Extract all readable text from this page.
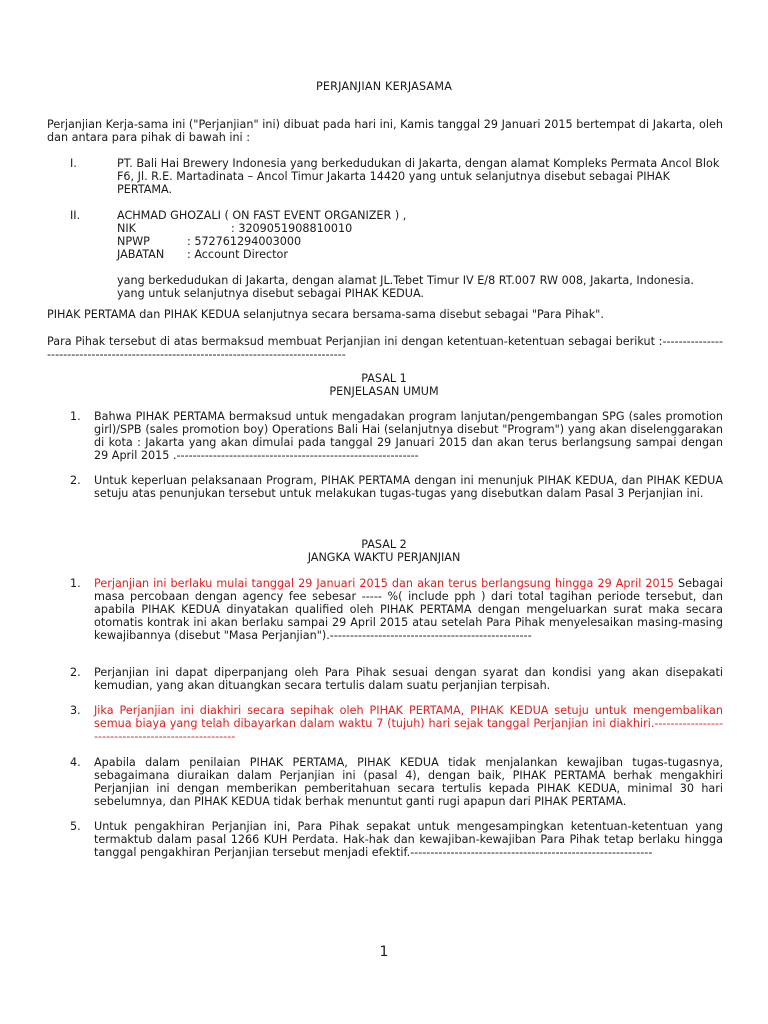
PERJANJIAN KERJASAMA
Perjanjian Kerja-sama ini ("Perjanjian" ini) dibuat pada hari ini, Kamis tanggal 29 Januari 2015 bertempat di Jakarta, oleh dan antara para pihak di bawah ini :
I.	PT. Bali Hai Brewery Indonesia yang berkedudukan di Jakarta, dengan alamat Kompleks Permata Ancol Blok F6, Jl. R.E. Martadinata – Ancol Timur Jakarta 14420 yang untuk selanjutnya disebut sebagai PIHAK PERTAMA.
II.	ACHMAD GHOZALI ( ON FAST EVENT ORGANIZER ) ,
NIK	: 3209051908810010
NPWP	: 572761294003000
JABATAN	: Account Director
yang berkedudukan di Jakarta, dengan alamat JL.Tebet Timur IV E/8 RT.007 RW 008, Jakarta, Indonesia. yang untuk selanjutnya disebut sebagai PIHAK KEDUA.
PIHAK PERTAMA dan PIHAK KEDUA selanjutnya secara bersama-sama disebut sebagai "Para Pihak".
Para Pihak tersebut di atas bermaksud membuat Perjanjian ini dengan ketentuan-ketentuan sebagai berikut :-----------------------------------------------------------------------------------------
PASAL 1
PENJELASAN UMUM
1. Bahwa PIHAK PERTAMA bermaksud untuk mengadakan program lanjutan/pengembangan SPG (sales promotion girl)/SPB (sales promotion boy) Operations Bali Hai (selanjutnya disebut "Program") yang akan diselenggarakan di kota : Jakarta yang akan dimulai pada tanggal 29 Januari 2015 dan akan terus berlangsung sampai dengan 29 April 2015 .------------------------------------------------------------
2. Untuk keperluan pelaksanaan Program, PIHAK PERTAMA dengan ini menunjuk PIHAK KEDUA, dan PIHAK KEDUA setuju atas penunjukan tersebut untuk melakukan tugas-tugas yang disebutkan dalam Pasal 3 Perjanjian ini.
PASAL 2
JANGKA WAKTU PERJANJIAN
1. Perjanjian ini berlaku mulai tanggal 29 Januari 2015 dan akan terus berlangsung hingga 29 April 2015 Sebagai masa percobaan dengan agency fee sebesar ----- %( include pph ) dari total tagihan periode tersebut, dan apabila PIHAK KEDUA dinyatakan qualified oleh PIHAK PERTAMA dengan mengeluarkan surat maka secara otomatis kontrak ini akan berlaku sampai 29 April 2015 atau setelah Para Pihak menyelesaikan masing-masing kewajibannya (disebut "Masa Perjanjian").--------------------------------------------------
2. Perjanjian ini dapat diperpanjang oleh Para Pihak sesuai dengan syarat dan kondisi yang akan disepakati kemudian, yang akan dituangkan secara tertulis dalam suatu perjanjian terpisah.
3. Jika Perjanjian ini diakhiri secara sepihak oleh PIHAK PERTAMA, PIHAK KEDUA setuju untuk mengembalikan semua biaya yang telah dibayarkan dalam waktu 7 (tujuh) hari sejak tanggal Perjanjian ini diakhiri.----------------------------------------------------
4. Apabila dalam penilaian PIHAK PERTAMA, PIHAK KEDUA tidak menjalankan kewajiban tugas-tugasnya, sebagaimana diuraikan dalam Perjanjian ini (pasal 4), dengan baik, PIHAK PERTAMA berhak mengakhiri Perjanjian ini dengan memberikan pemberitahuan secara tertulis kepada PIHAK KEDUA, minimal 30 hari sebelumnya, dan PIHAK KEDUA tidak berhak menuntut ganti rugi apapun dari PIHAK PERTAMA.
5. Untuk pengakhiran Perjanjian ini, Para Pihak sepakat untuk mengesampingkan ketentuan-ketentuan yang termaktub dalam pasal 1266 KUH Perdata. Hak-hak dan kewajiban-kewajiban Para Pihak tetap berlaku hingga tanggal pengakhiran Perjanjian tersebut menjadi efektif.------------------------------------------------------------
1
